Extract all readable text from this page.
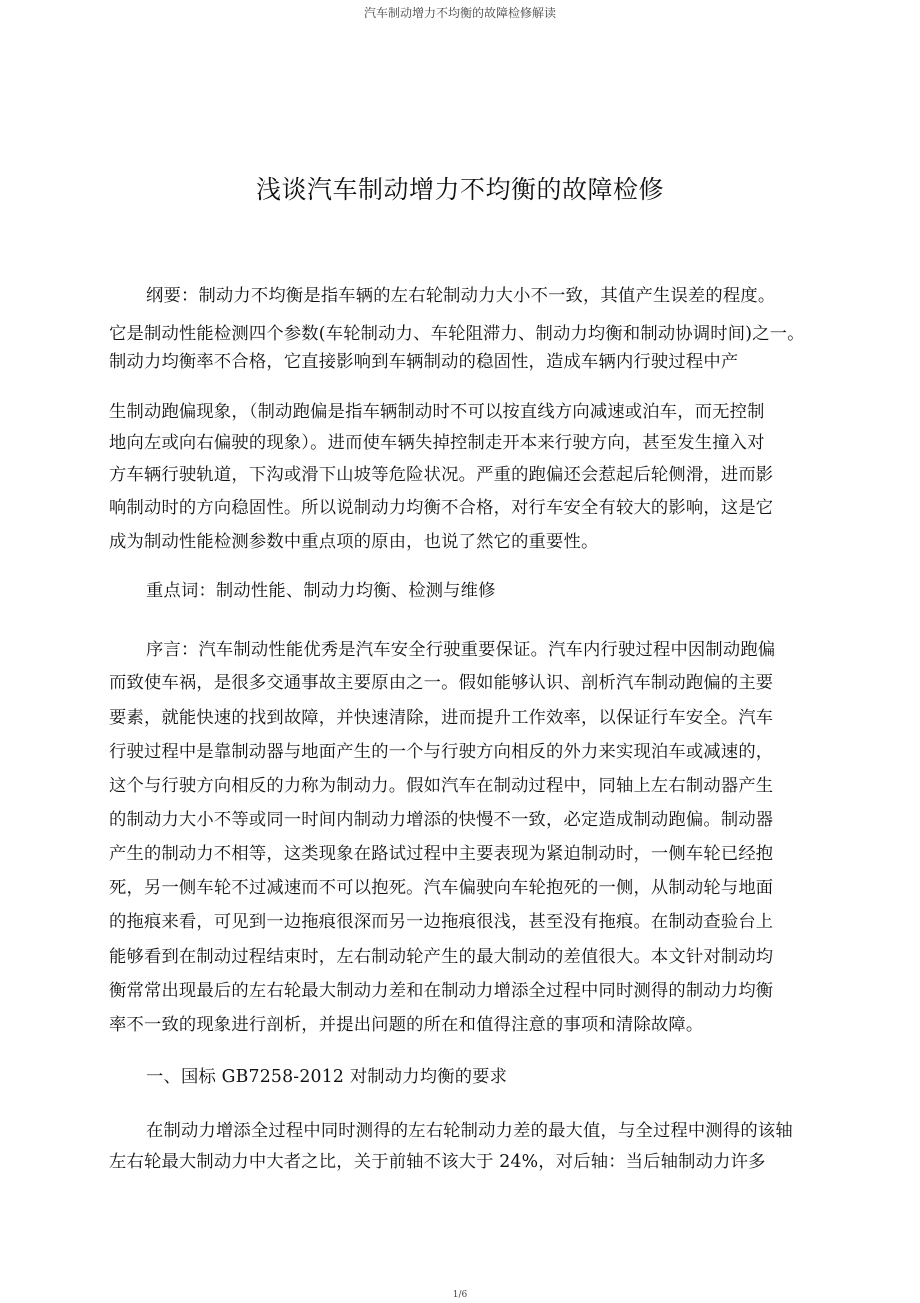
汽车制动增力不均衡的故障检修解读
浅谈汽车制动增力不均衡的故障检修
纲要：制动力不均衡是指车辆的左右轮制动力大小不一致，其值产生误差的程度。
它是制动性能检测四个参数(车轮制动力、车轮阻滞力、制动力均衡和制动协调时间)之一。
制动力均衡率不合格，它直接影响到车辆制动的稳固性，造成车辆内行驶过程中产
生制动跑偏现象，（制动跑偏是指车辆制动时不可以按直线方向减速或泊车，而无控制
地向左或向右偏驶的现象）。进而使车辆失掉控制走开本来行驶方向，甚至发生撞入对
方车辆行驶轨道，下沟或滑下山坡等危险状况。严重的跑偏还会惹起后轮侧滑，进而影
响制动时的方向稳固性。所以说制动力均衡不合格，对行车安全有较大的影响，这是它
成为制动性能检测参数中重点项的原由，也说了然它的重要性。
重点词：制动性能、制动力均衡、检测与维修
序言：汽车制动性能优秀是汽车安全行驶重要保证。汽车内行驶过程中因制动跑偏
而致使车祸，是很多交通事故主要原由之一。假如能够认识、剖析汽车制动跑偏的主要
要素，就能快速的找到故障，并快速清除，进而提升工作效率，以保证行车安全。汽车
行驶过程中是靠制动器与地面产生的一个与行驶方向相反的外力来实现泊车或减速的，
这个与行驶方向相反的力称为制动力。假如汽车在制动过程中，同轴上左右制动器产生
的制动力大小不等或同一时间内制动力增添的快慢不一致，必定造成制动跑偏。制动器
产生的制动力不相等，这类现象在路试过程中主要表现为紧迫制动时，一侧车轮已经抱
死，另一侧车轮不过减速而不可以抱死。汽车偏驶向车轮抱死的一侧，从制动轮与地面
的拖痕来看，可见到一边拖痕很深而另一边拖痕很浅，甚至没有拖痕。在制动查验台上
能够看到在制动过程结束时，左右制动轮产生的最大制动的差值很大。本文针对制动均
衡常常出现最后的左右轮最大制动力差和在制动力增添全过程中同时测得的制动力均衡
率不一致的现象进行剖析，并提出问题的所在和值得注意的事项和清除故障。
一、国标 GB7258-2012 对制动力均衡的要求
在制动力增添全过程中同时测得的左右轮制动力差的最大值，与全过程中测得的该轴
左右轮最大制动力中大者之比，关于前轴不该大于 24%，对后轴：当后轴制动力许多
1/6
